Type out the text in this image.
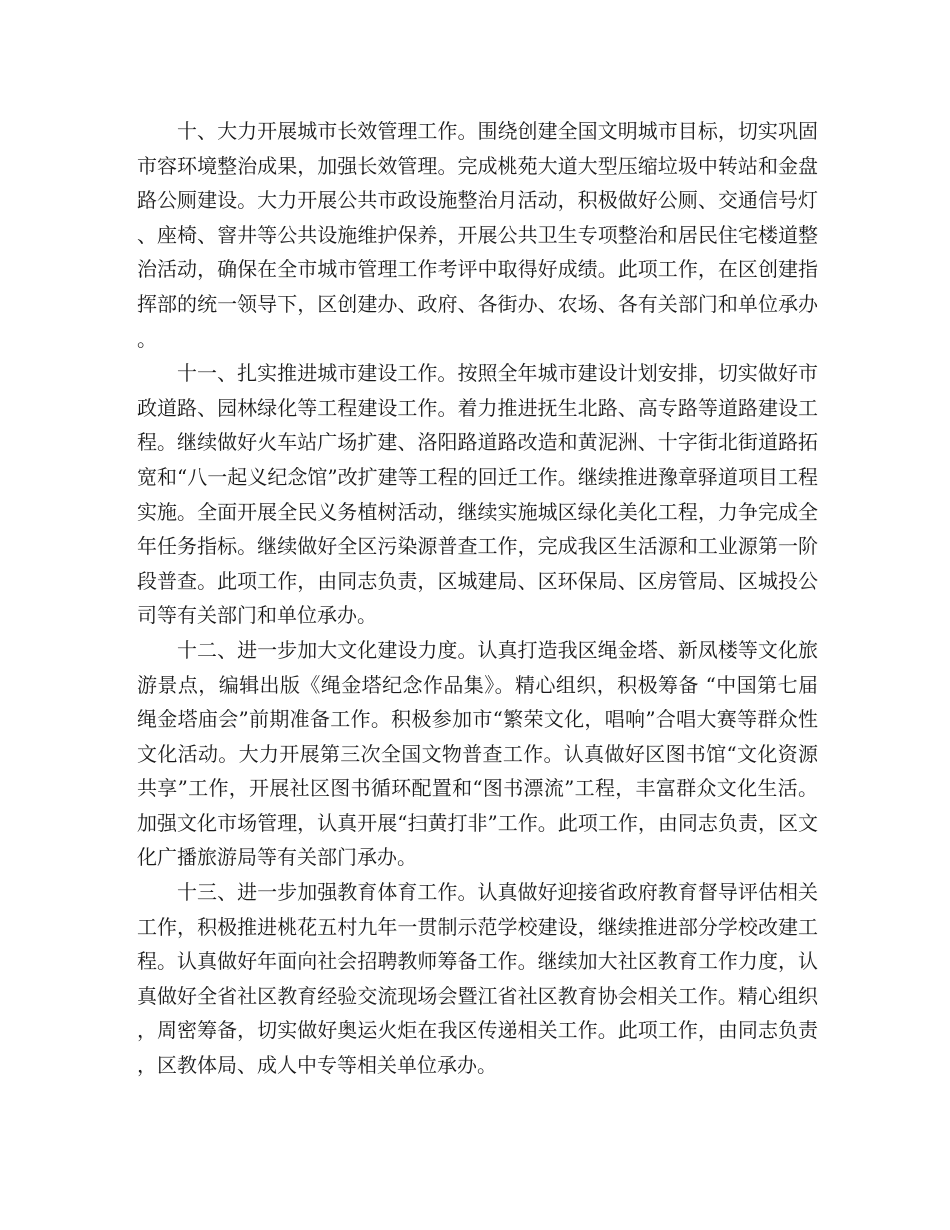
十、大力开展城市长效管理工作。围绕创建全国文明城市目标，切实巩固市容环境整治成果，加强长效管理。完成桃苑大道大型压缩垃圾中转站和金盘路公厕建设。大力开展公共市政设施整治月活动，积极做好公厕、交通信号灯、座椅、窨井等公共设施维护保养，开展公共卫生专项整治和居民住宅楼道整治活动，确保在全市城市管理工作考评中取得好成绩。此项工作，在区创建指挥部的统一领导下，区创建办、政府、各街办、农场、各有关部门和单位承办。

十一、扎实推进城市建设工作。按照全年城市建设计划安排，切实做好市政道路、园林绿化等工程建设工作。着力推进抚生北路、高专路等道路建设工程。继续做好火车站广场扩建、洛阳路道路改造和黄泥洲、十字街北街道路拓宽和“八一起义纪念馆”改扩建等工程的回迁工作。继续推进豫章驿道项目工程实施。全面开展全民义务植树活动，继续实施城区绿化美化工程，力争完成全年任务指标。继续做好全区污染源普查工作，完成我区生活源和工业源第一阶段普查。此项工作，由同志负责，区城建局、区环保局、区房管局、区城投公司等有关部门和单位承办。

十二、进一步加大文化建设力度。认真打造我区绳金塔、新凤楼等文化旅游景点，编辑出版《绳金塔纪念作品集》。精心组织，积极筹备 “中国第七届绳金塔庙会”前期准备工作。积极参加市“繁荣文化，唱响”合唱大赛等群众性文化活动。大力开展第三次全国文物普查工作。认真做好区图书馆“文化资源共享”工作，开展社区图书循环配置和“图书漂流”工程，丰富群众文化生活。加强文化市场管理，认真开展“扫黄打非”工作。此项工作，由同志负责，区文化广播旅游局等有关部门承办。

十三、进一步加强教育体育工作。认真做好迎接省政府教育督导评估相关工作，积极推进桃花五村九年一贯制示范学校建设，继续推进部分学校改建工程。认真做好年面向社会招聘教师筹备工作。继续加大社区教育工作力度，认真做好全省社区教育经验交流现场会暨江省社区教育协会相关工作。精心组织，周密筹备，切实做好奥运火炬在我区传递相关工作。此项工作，由同志负责，区教体局、成人中专等相关单位承办。
